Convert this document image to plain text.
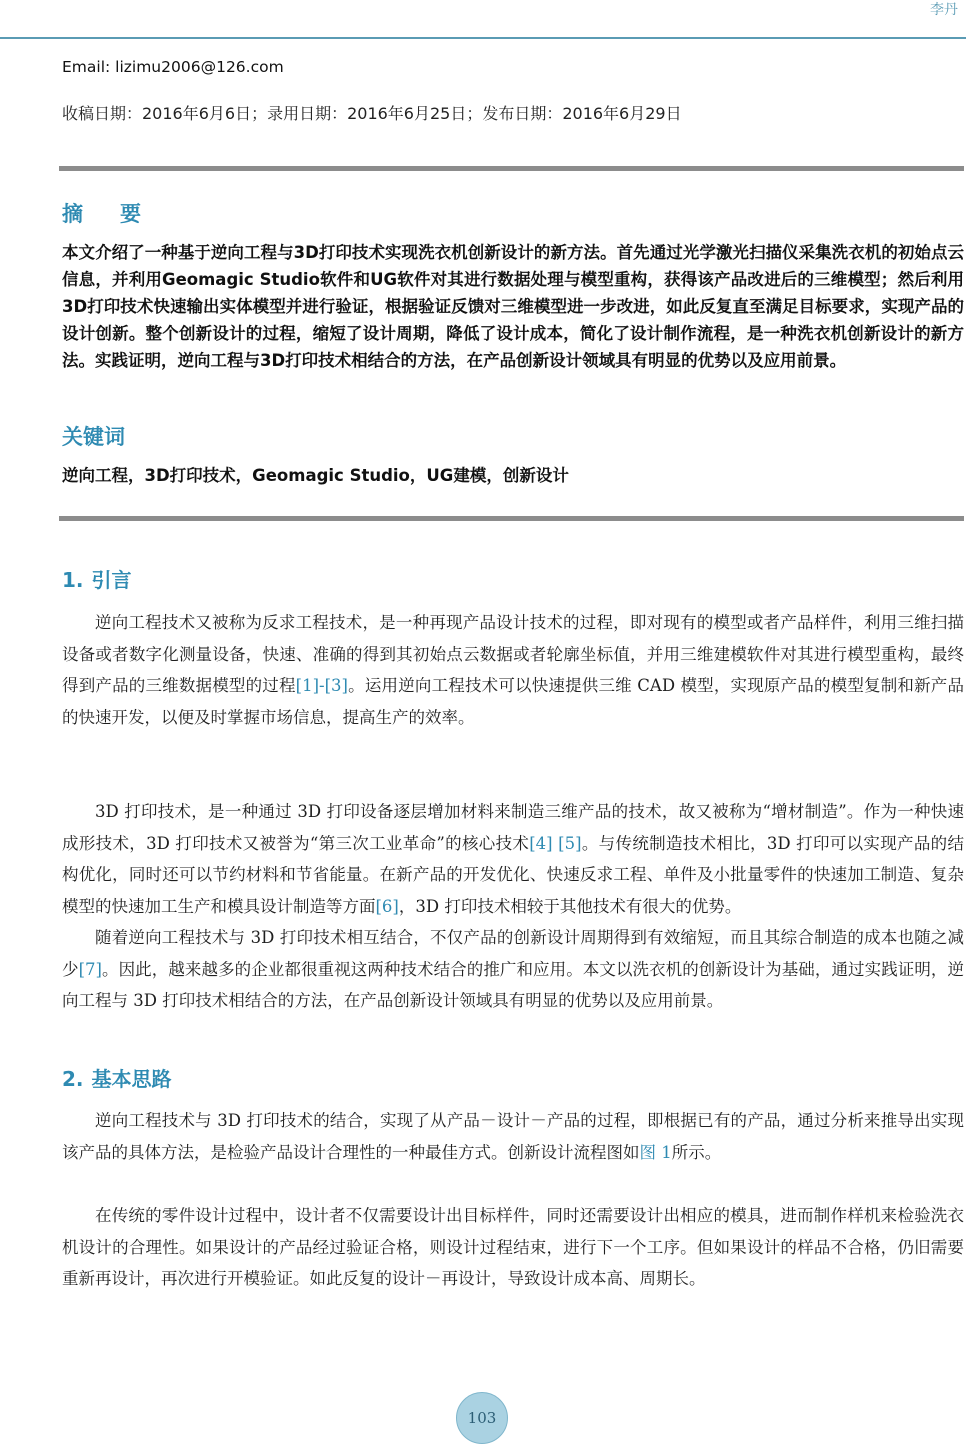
李丹
Email: lizimu2006@126.com
收稿日期：2016年6月6日；录用日期：2016年6月25日；发布日期：2016年6月29日
摘　要

本文介绍了一种基于逆向工程与3D打印技术实现洗衣机创新设计的新方法。首先通过光学激光扫描仪采集洗衣机的初始点云信息，并利用Geomagic Studio软件和UG软件对其进行数据处理与模型重构，获得该产品改进后的三维模型；然后利用3D打印技术快速输出实体模型并进行验证，根据验证反馈对三维模型进一步改进，如此反复直至满足目标要求，实现产品的设计创新。整个创新设计的过程，缩短了设计周期，降低了设计成本，简化了设计制作流程，是一种洗衣机创新设计的新方法。实践证明，逆向工程与3D打印技术相结合的方法，在产品创新设计领域具有明显的优势以及应用前景。

关键词
逆向工程，3D打印技术，Geomagic Studio，UG建模，创新设计
1. 引言

逆向工程技术又被称为反求工程技术，是一种再现产品设计技术的过程，即对现有的模型或者产品样件，利用三维扫描设备或者数字化测量设备，快速、准确的得到其初始点云数据或者轮廓坐标值，并用三维建模软件对其进行模型重构，最终得到产品的三维数据模型的过程[1]-[3]。运用逆向工程技术可以快速提供三维 CAD 模型，实现原产品的模型复制和新产品的快速开发，以便及时掌握市场信息，提高生产的效率。

3D 打印技术，是一种通过 3D 打印设备逐层增加材料来制造三维产品的技术，故又被称为“增材制造”。作为一种快速成形技术，3D 打印技术又被誉为“第三次工业革命”的核心技术[4] [5]。与传统制造技术相比，3D 打印可以实现产品的结构优化，同时还可以节约材料和节省能量。在新产品的开发优化、快速反求工程、单件及小批量零件的快速加工制造、复杂模型的快速加工生产和模具设计制造等方面[6]，3D 打印技术相较于其他技术有很大的优势。

随着逆向工程技术与 3D 打印技术相互结合，不仅产品的创新设计周期得到有效缩短，而且其综合制造的成本也随之减少[7]。因此，越来越多的企业都很重视这两种技术结合的推广和应用。本文以洗衣机的创新设计为基础，通过实践证明，逆向工程与 3D 打印技术相结合的方法，在产品创新设计领域具有明显的优势以及应用前景。

2. 基本思路

逆向工程技术与 3D 打印技术的结合，实现了从产品－设计－产品的过程，即根据已有的产品，通过分析来推导出实现该产品的具体方法，是检验产品设计合理性的一种最佳方式。创新设计流程图如图 1所示。

在传统的零件设计过程中，设计者不仅需要设计出目标样件，同时还需要设计出相应的模具，进而制作样机来检验洗衣机设计的合理性。如果设计的产品经过验证合格，则设计过程结束，进行下一个工序。但如果设计的样品不合格，仍旧需要重新再设计，再次进行开模验证。如此反复的设计－再设计，导致设计成本高、周期长。

103
